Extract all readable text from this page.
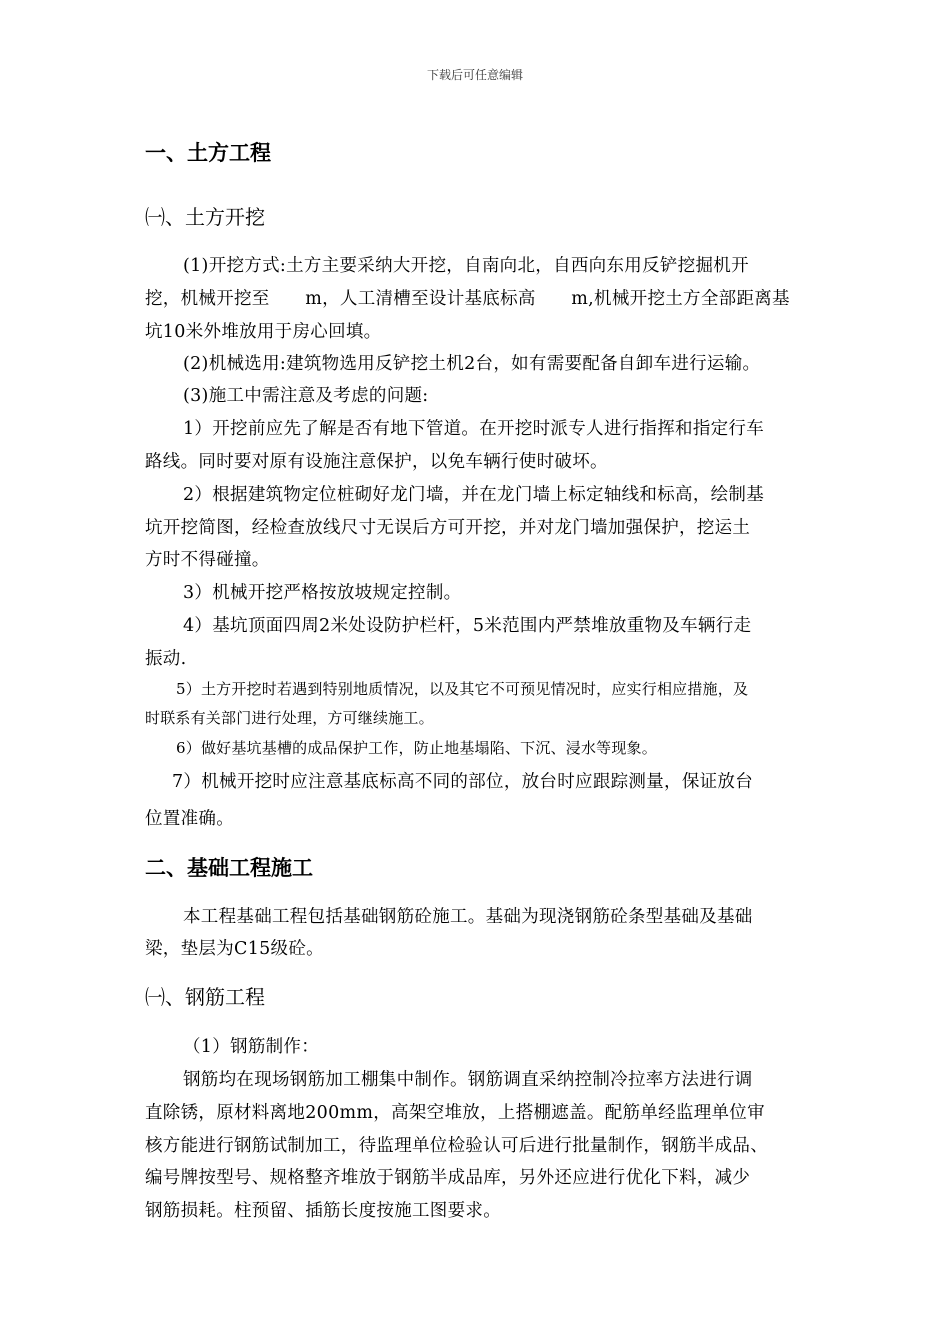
下载后可任意编辑
一、土方工程
㈠、土方开挖
(1)开挖方式:土方主要采纳大开挖，自南向北，自西向东用反铲挖掘机开
挖，机械开挖至　　m，人工清槽至设计基底标高　　m,机械开挖土方全部距离基
坑10米外堆放用于房心回填。
(2)机械选用:建筑物选用反铲挖土机2台，如有需要配备自卸车进行运输。
(3)施工中需注意及考虑的问题:
1）开挖前应先了解是否有地下管道。在开挖时派专人进行指挥和指定行车
路线。同时要对原有设施注意保护，以免车辆行使时破坏。
2）根据建筑物定位桩砌好龙门墙，并在龙门墙上标定轴线和标高，绘制基
坑开挖简图，经检查放线尺寸无误后方可开挖，并对龙门墙加强保护，挖运土
方时不得碰撞。
3）机械开挖严格按放坡规定控制。
4）基坑顶面四周2米处设防护栏杆，5米范围内严禁堆放重物及车辆行走
振动.
5）土方开挖时若遇到特别地质情况，以及其它不可预见情况时，应实行相应措施，及
时联系有关部门进行处理，方可继续施工。
6）做好基坑基槽的成品保护工作，防止地基塌陷、下沉、浸水等现象。
7）机械开挖时应注意基底标高不同的部位，放台时应跟踪测量，保证放台
位置准确。
二、基础工程施工
本工程基础工程包括基础钢筋砼施工。基础为现浇钢筋砼条型基础及基础
梁，垫层为C15级砼。
㈠、钢筋工程
（1）钢筋制作：
钢筋均在现场钢筋加工棚集中制作。钢筋调直采纳控制冷拉率方法进行调
直除锈，原材料离地200mm，高架空堆放，上搭棚遮盖。配筋单经监理单位审
核方能进行钢筋试制加工，待监理单位检验认可后进行批量制作，钢筋半成品、
编号牌按型号、规格整齐堆放于钢筋半成品库，另外还应进行优化下料，减少
钢筋损耗。柱预留、插筋长度按施工图要求。
